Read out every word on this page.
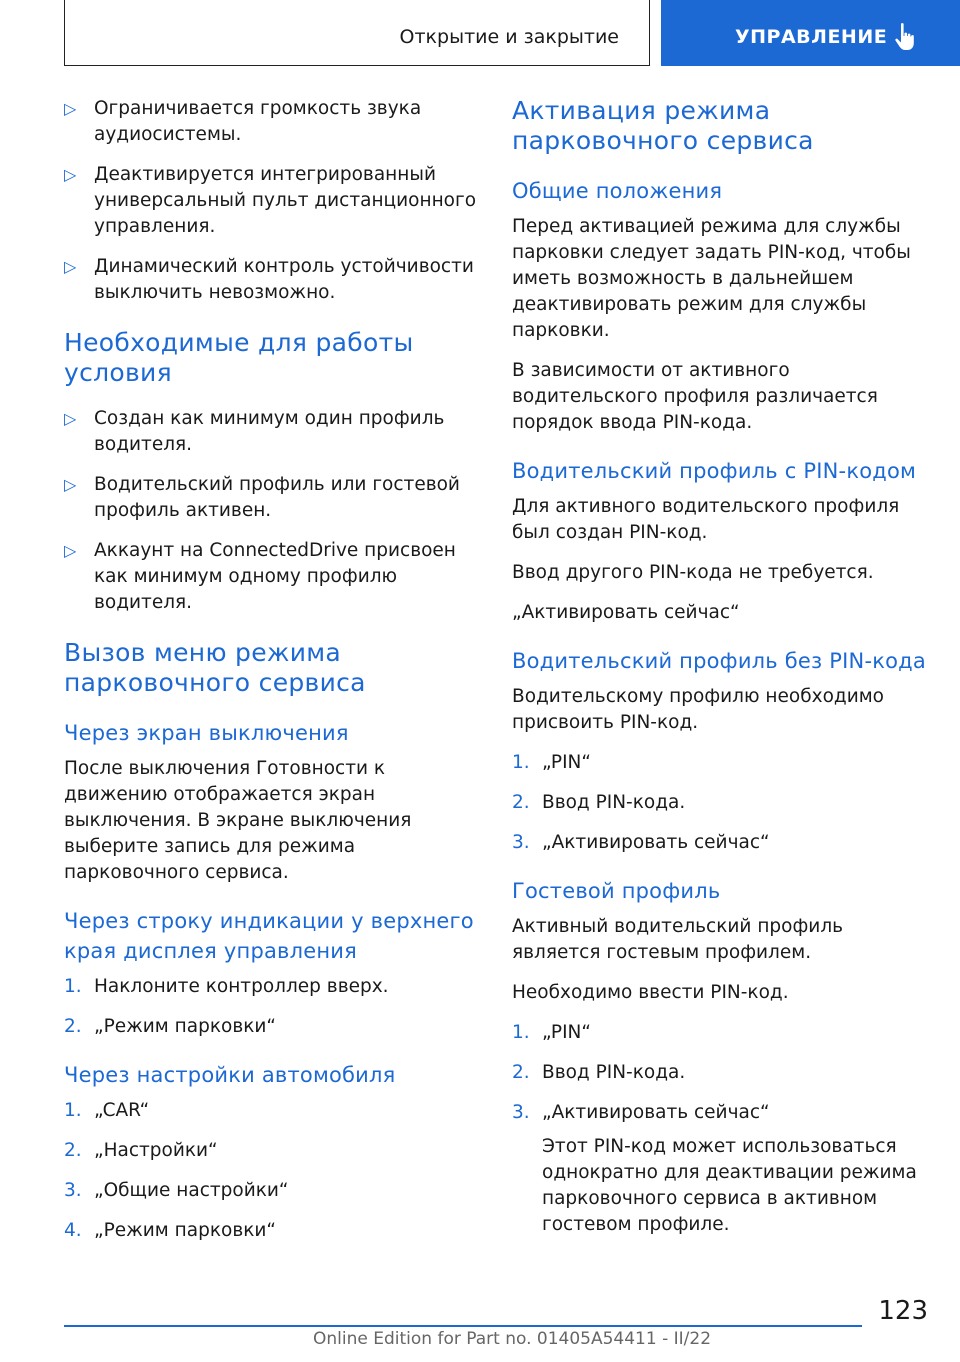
Открытие и закрытие	УПРАВЛЕНИЕ
▷ Ограничивается громкость звука аудиосистемы.
▷ Деактивируется интегрированный универсальный пульт дистанционного управления.
▷ Динамический контроль устойчивости выключить невозможно.
Необходимые для работы условия
▷ Создан как минимум один профиль водителя.
▷ Водительский профиль или гостевой профиль активен.
▷ Аккаунт на ConnectedDrive присвоен как минимум одному профилю водителя.
Вызов меню режима парковочного сервиса
Через экран выключения

После выключения Готовности к движению отображается экран выключения. В экране выключения выберите запись для режима парковочного сервиса.

Через строку индикации у верхнего края дисплея управления
1. Наклоните контроллер вверх.
2. „Режим парковки“
Через настройки автомобиля
1. „CAR“
2. „Настройки“
3. „Общие настройки“
4. „Режим парковки“
Активация режима парковочного сервиса
Общие положения

Перед активацией режима для службы парковки следует задать PIN-код, чтобы иметь возможность в дальнейшем деактивировать режим для службы парковки.

В зависимости от активного водительского профиля различается порядок ввода PIN-кода.

Водительский профиль с PIN-кодом

Для активного водительского профиля был создан PIN-код.

Ввод другого PIN-кода не требуется.

„Активировать сейчас“

Водительский профиль без PIN-кода

Водительскому профилю необходимо присвоить PIN-код.

1. „PIN“
2. Ввод PIN-кода.
3. „Активировать сейчас“
Гостевой профиль

Активный водительский профиль является гостевым профилем.

Необходимо ввести PIN-код.

1. „PIN“
2. Ввод PIN-кода.
3. „Активировать сейчас“
Этот PIN-код может использоваться однократно для деактивации режима парковочного сервиса в активном гостевом профиле.
123
Online Edition for Part no. 01405A54411 - II/22
